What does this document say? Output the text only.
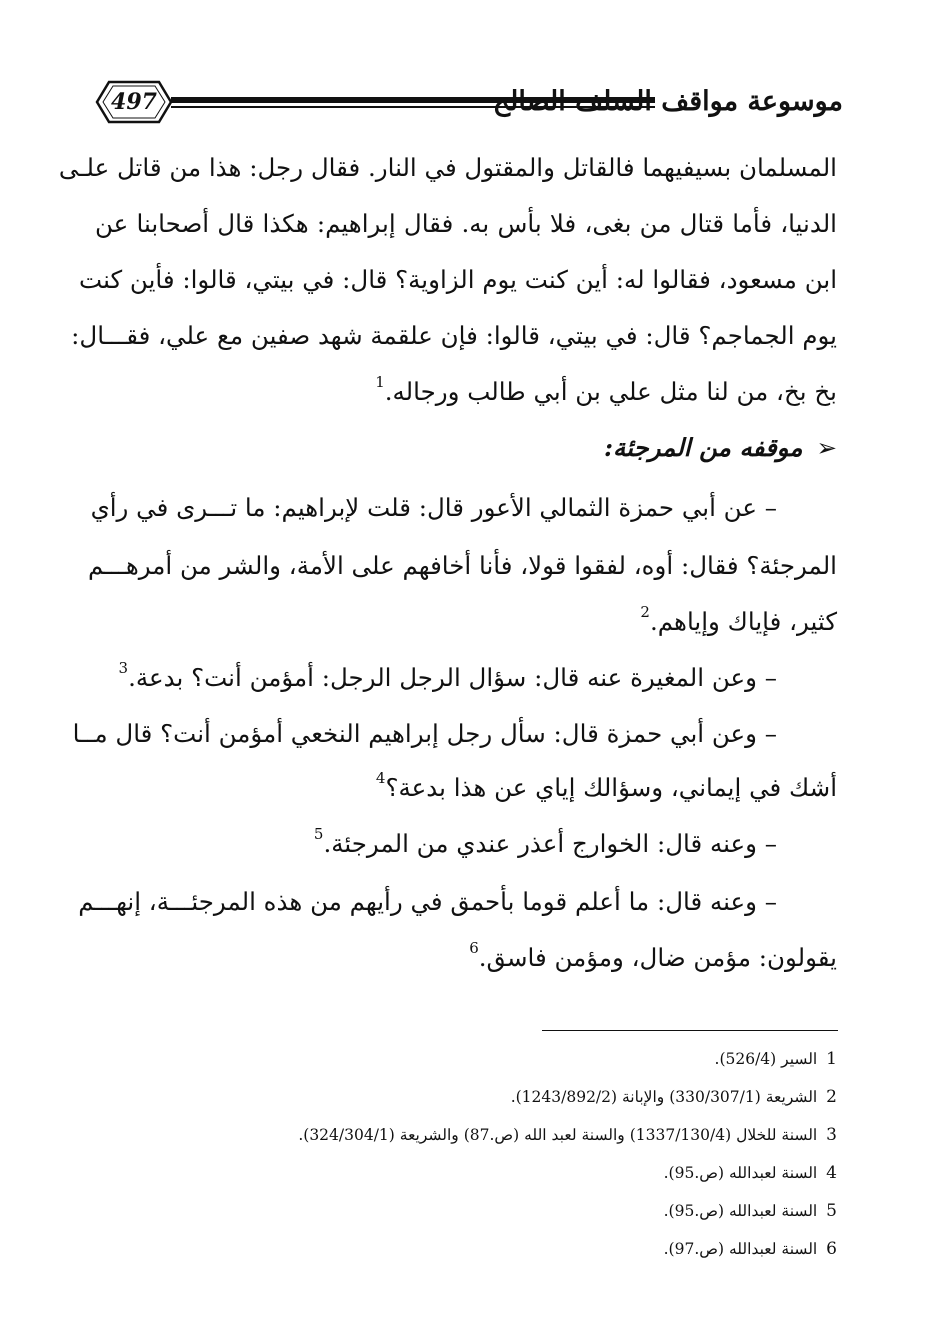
497	موسوعة مواقف السلف الصالح
المسلمان بسيفيهما فالقاتل والمقتول في النار. فقال رجل: هذا من قاتل علـى
الدنيا، فأما قتال من بغى، فلا بأس به. فقال إبراهيم: هكذا قال أصحابنا عن
ابن مسعود، فقالوا له: أين كنت يوم الزاوية؟ قال: في بيتي، قالوا: فأين كنت
يوم الجماجم؟ قال: في بيتي، قالوا: فإن علقمة شهد صفين مع علي، فقـــال:
بخ بخ، من لنا مثل علي بن أبي طالب ورجاله.$^1$
➢موقفه من المرجئة:
– عن أبي حمزة الثمالي الأعور قال: قلت لإبراهيم: ما تـــرى في رأي
المرجئة؟ فقال: أوه، لفقوا قولا، فأنا أخافهم على الأمة، والشر من أمرهـــم
كثير، فإياك وإياهم.$^2$
– وعن المغيرة عنه قال: سؤال الرجل الرجل: أمؤمن أنت؟ بدعة.$^3$
– وعن أبي حمزة قال: سأل رجل إبراهيم النخعي أمؤمن أنت؟ قال مــا
أشك في إيماني، وسؤالك إياي عن هذا بدعة؟$^4$
– وعنه قال: الخوارج أعذر عندي من المرجئة.$^5$
– وعنه قال: ما أعلم قوما بأحمق في رأيهم من هذه المرجئـــة، إنهـــم
يقولون: مؤمن ضال، ومؤمن فاسق.$^6$
1 السير (526/4).
2 الشريعة (330/307/1) والإبانة (1243/892/2).
3 السنة للخلال (1337/130/4) والسنة لعبد الله (ص.87) والشريعة (324/304/1).
4 السنة لعبدالله (ص.95).
5 السنة لعبدالله (ص.95).
6 السنة لعبدالله (ص.97).
